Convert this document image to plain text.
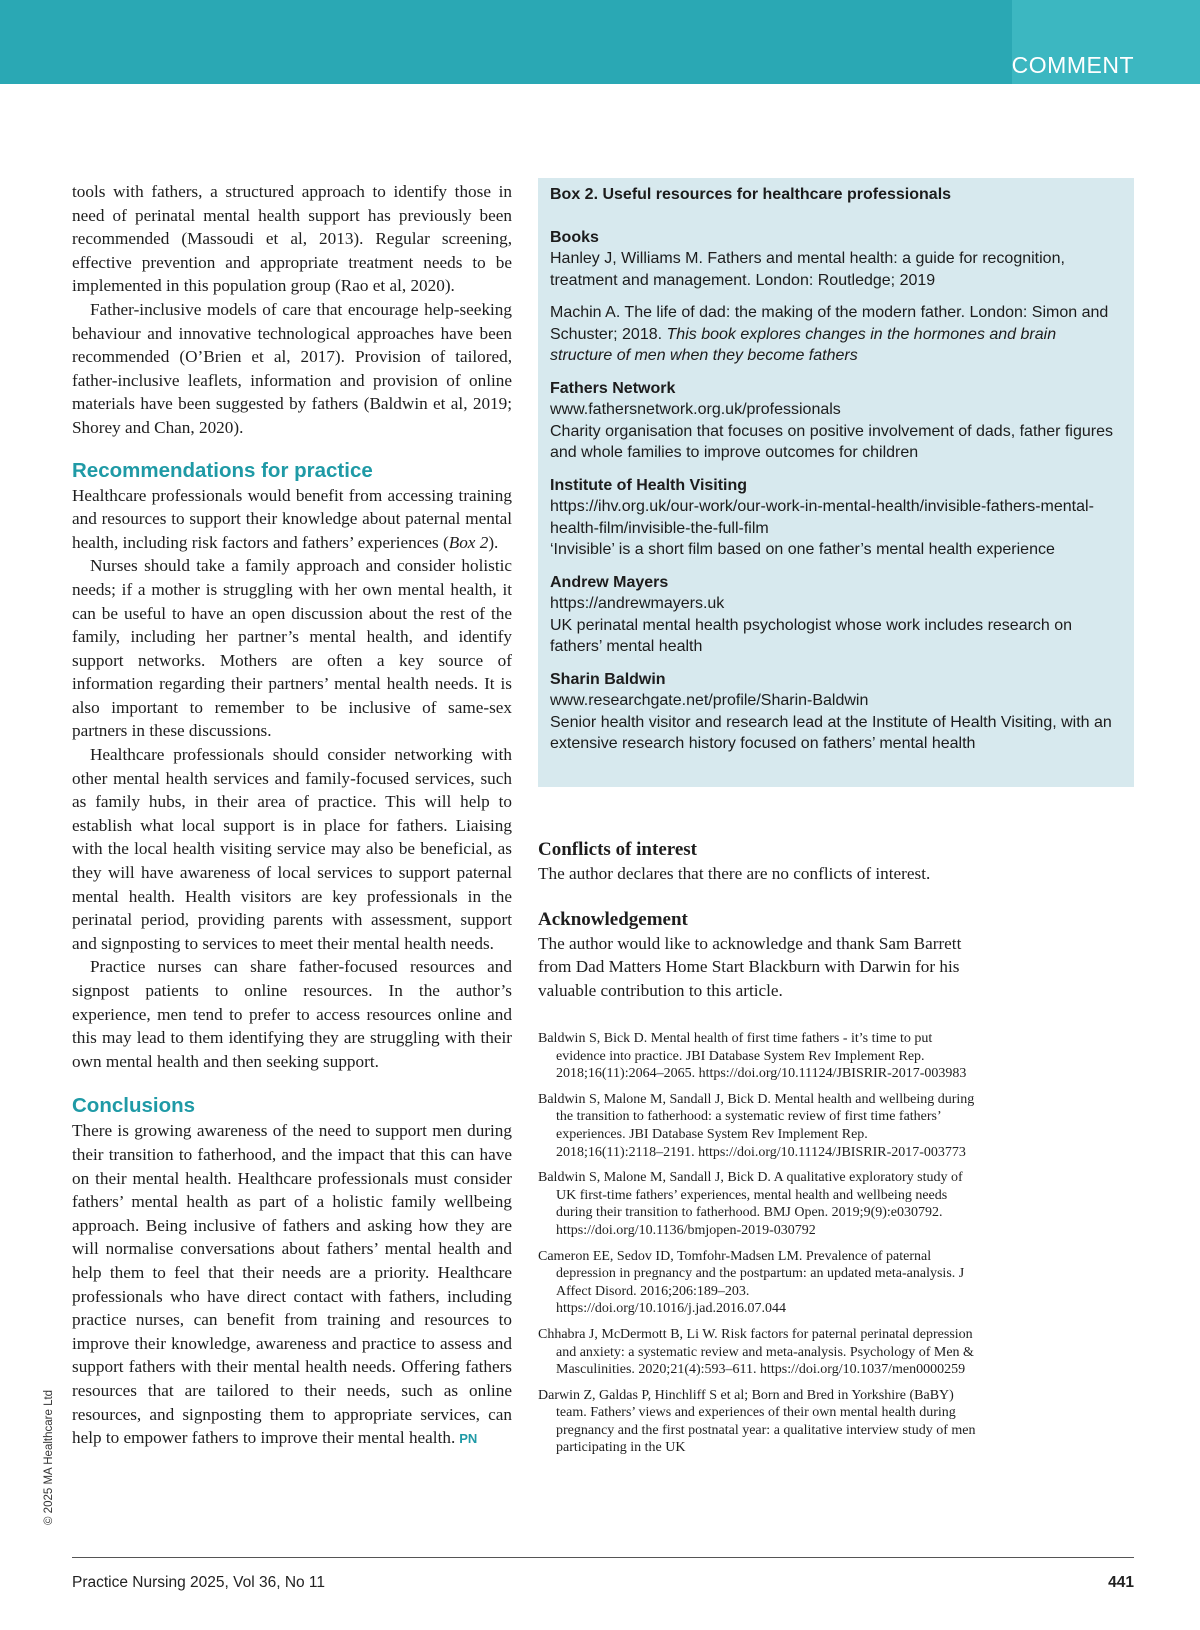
COMMENT

tools with fathers, a structured approach to identify those in need of perinatal mental health support has previously been recommended (Massoudi et al, 2013). Regular screening, effective prevention and appropriate treatment needs to be implemented in this population group (Rao et al, 2020).

Father-inclusive models of care that encourage help-seeking behaviour and innovative technological approaches have been recommended (O’Brien et al, 2017). Provision of tailored, father-inclusive leaflets, information and provision of online materials have been suggested by fathers (Baldwin et al, 2019; Shorey and Chan, 2020).

Recommendations for practice

Healthcare professionals would benefit from accessing training and resources to support their knowledge about paternal mental health, including risk factors and fathers’ experiences (Box 2).

Nurses should take a family approach and consider holistic needs; if a mother is struggling with her own mental health, it can be useful to have an open discussion about the rest of the family, including her partner’s mental health, and identify support networks. Mothers are often a key source of information regarding their partners’ mental health needs. It is also important to remember to be inclusive of same-sex partners in these discussions.

Healthcare professionals should consider networking with other mental health services and family-focused services, such as family hubs, in their area of practice. This will help to establish what local support is in place for fathers. Liaising with the local health visiting service may also be beneficial, as they will have awareness of local services to support paternal mental health. Health visitors are key professionals in the perinatal period, providing parents with assessment, support and signposting to services to meet their mental health needs.

Practice nurses can share father-focused resources and signpost patients to online resources. In the author’s experience, men tend to prefer to access resources online and this may lead to them identifying they are struggling with their own mental health and then seeking support.

Conclusions

There is growing awareness of the need to support men during their transition to fatherhood, and the impact that this can have on their mental health. Healthcare professionals must consider fathers’ mental health as part of a holistic family wellbeing approach. Being inclusive of fathers and asking how they are will normalise conversations about fathers’ mental health and help them to feel that their needs are a priority. Healthcare professionals who have direct contact with fathers, including practice nurses, can benefit from training and resources to improve their knowledge, awareness and practice to assess and support fathers with their mental health needs. Offering fathers resources that are tailored to their needs, such as online resources, and signposting them to appropriate services, can help to empower fathers to improve their mental health. PN

Box 2. Useful resources for healthcare professionals
Books
Hanley J, Williams M. Fathers and mental health: a guide for recognition, treatment and management. London: Routledge; 2019
Machin A. The life of dad: the making of the modern father. London: Simon and Schuster; 2018. This book explores changes in the hormones and brain structure of men when they become fathers
Fathers Network
www.fathersnetwork.org.uk/professionals
Charity organisation that focuses on positive involvement of dads, father figures and whole families to improve outcomes for children
Institute of Health Visiting
https://ihv.org.uk/our-work/our-work-in-mental-health/invisible-fathers-mental-health-film/invisible-the-full-film
‘Invisible’ is a short film based on one father’s mental health experience
Andrew Mayers
https://andrewmayers.uk
UK perinatal mental health psychologist whose work includes research on fathers’ mental health
Sharin Baldwin
www.researchgate.net/profile/Sharin-Baldwin
Senior health visitor and research lead at the Institute of Health Visiting, with an extensive research history focused on fathers’ mental health
Conflicts of interest

The author declares that there are no conflicts of interest.

Acknowledgement

The author would like to acknowledge and thank Sam Barrett from Dad Matters Home Start Blackburn with Darwin for his valuable contribution to this article.

Baldwin S, Bick D. Mental health of first time fathers - it’s time to put evidence into practice. JBI Database System Rev Implement Rep. 2018;16(11):2064–2065. https://doi.org/10.11124/JBISRIR-2017-003983

Baldwin S, Malone M, Sandall J, Bick D. Mental health and wellbeing during the transition to fatherhood: a systematic review of first time fathers’ experiences. JBI Database System Rev Implement Rep. 2018;16(11):2118–2191. https://doi.org/10.11124/JBISRIR-2017-003773

Baldwin S, Malone M, Sandall J, Bick D. A qualitative exploratory study of UK first-time fathers’ experiences, mental health and wellbeing needs during their transition to fatherhood. BMJ Open. 2019;9(9):e030792. https://doi.org/10.1136/bmjopen-2019-030792

Cameron EE, Sedov ID, Tomfohr-Madsen LM. Prevalence of paternal depression in pregnancy and the postpartum: an updated meta-analysis. J Affect Disord. 2016;206:189–203. https://doi.org/10.1016/j.jad.2016.07.044

Chhabra J, McDermott B, Li W. Risk factors for paternal perinatal depression and anxiety: a systematic review and meta-analysis. Psychology of Men & Masculinities. 2020;21(4):593–611. https://doi.org/10.1037/men0000259

Darwin Z, Galdas P, Hinchliff S et al; Born and Bred in Yorkshire (BaBY) team. Fathers’ views and experiences of their own mental health during pregnancy and the first postnatal year: a qualitative interview study of men participating in the UK

© 2025 MA Healthcare Ltd
Practice Nursing 2025, Vol 36, No 11	441
